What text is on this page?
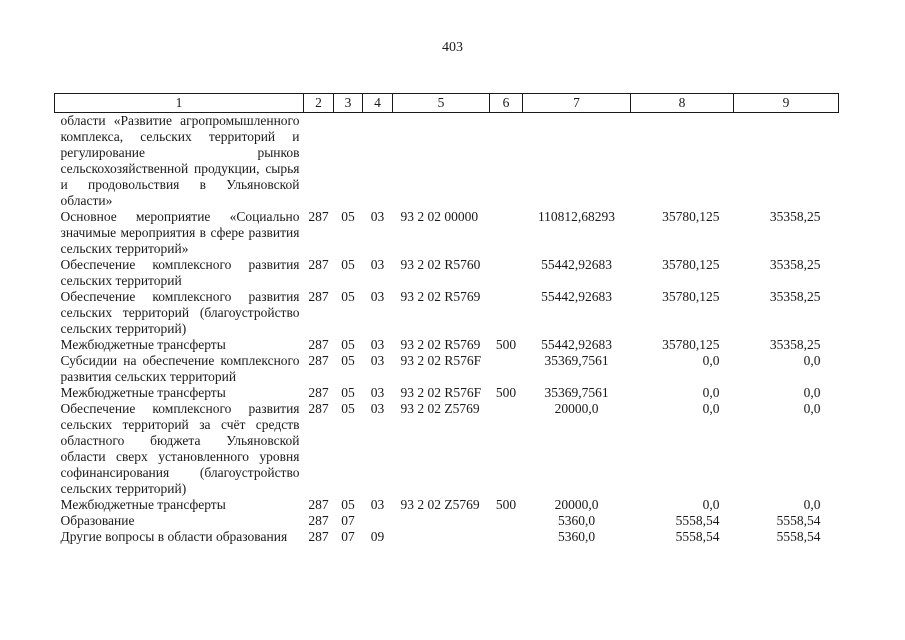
403
1	2	3	4	5	6	7	8	9
области «Развитие агропромышленного комплекса, сельских территорий и регулирование рынков сельскохозяйственной продукции, сырья и продовольствия в Ульяновской области»								
Основное мероприятие «Социально значимые мероприятия в сфере развития сельских территорий»	287	05	03	93 2 02 00000		110812,68293	35780,125	35358,25
Обеспечение комплексного развития сельских территорий	287	05	03	93 2 02 R5760		55442,92683	35780,125	35358,25
Обеспечение комплексного развития сельских территорий (благоустройство сельских территорий)	287	05	03	93 2 02 R5769		55442,92683	35780,125	35358,25
Межбюджетные трансферты	287	05	03	93 2 02 R5769	500	55442,92683	35780,125	35358,25
Субсидии на обеспечение комплексного развития сельских территорий	287	05	03	93 2 02 R576F		35369,7561	0,0	0,0
Межбюджетные трансферты	287	05	03	93 2 02 R576F	500	35369,7561	0,0	0,0
Обеспечение комплексного развития сельских территорий за счёт средств областного бюджета Ульяновской области сверх установленного уровня софинансирования (благоустройство сельских территорий)	287	05	03	93 2 02 Z5769		20000,0	0,0	0,0
Межбюджетные трансферты	287	05	03	93 2 02 Z5769	500	20000,0	0,0	0,0
Образование	287	07				5360,0	5558,54	5558,54
Другие вопросы в области образования	287	07	09			5360,0	5558,54	5558,54
